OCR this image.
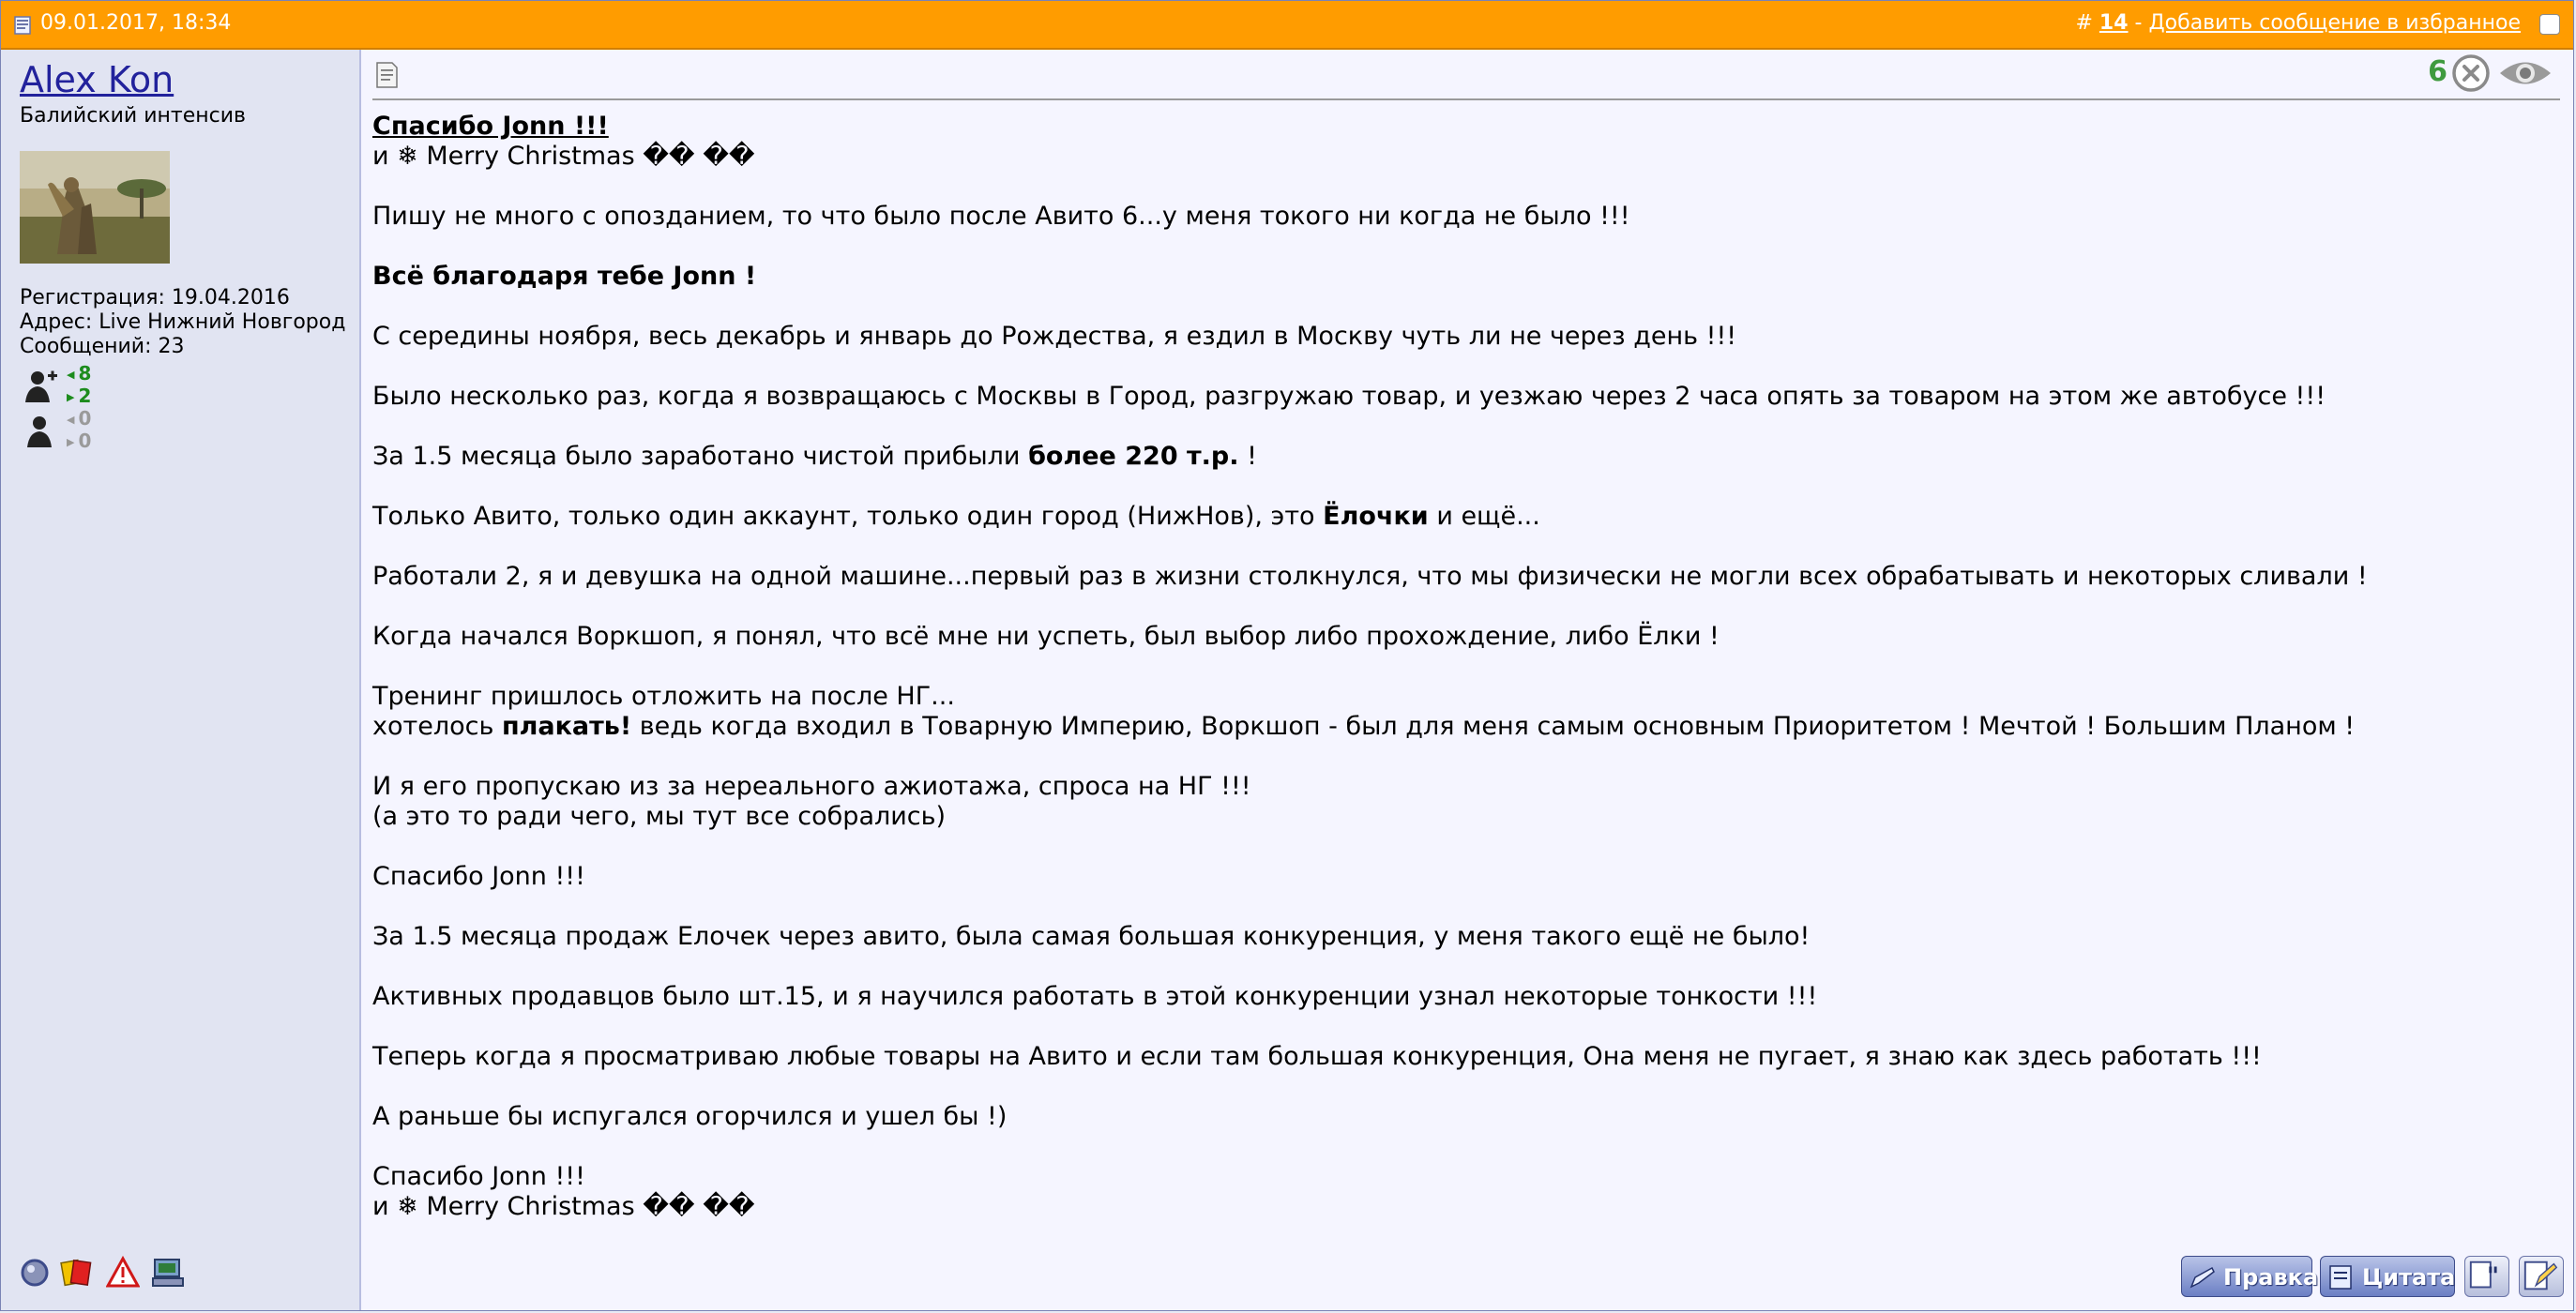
09.01.2017, 18:34	# 14 - Добавить сообщение в избранное
Alex Kon
Балийский интенсив
Регистрация: 19.04.2016
Адрес: Live Нижний Новгород
Сообщений: 23
◀ 8
▶ 2
◀ 0
▶ 0
6
Спасибо Jonn !!!
и ❄ Merry Christmas �� ��
Пишу не много с опозданием, то что было после Авито 6...у меня токого ни когда не было !!!
Всё благодаря тебе Jonn !
С середины ноября, весь декабрь и январь до Рождества, я ездил в Москву чуть ли не через день !!!
Было несколько раз, когда я возвращаюсь с Москвы в Город, разгружаю товар, и уезжаю через 2 часа опять за товаром на этом же автобусе !!!
За 1.5 месяца было заработано чистой прибыли более 220 т.р. !
Только Авито, только один аккаунт, только один город (НижНов), это Ёлочки и ещё...
Работали 2, я и девушка на одной машине...первый раз в жизни столкнулся, что мы физически не могли всех обрабатывать и некоторых сливали !
Когда начался Воркшоп, я понял, что всё мне ни успеть, был выбор либо прохождение, либо Ёлки !
Тренинг пришлось отложить на после НГ...
хотелось плакать! ведь когда входил в Товарную Империю, Воркшоп - был для меня самым основным Приоритетом ! Мечтой ! Большим Планом !
И я его пропускаю из за нереального ажиотажа, спроса на НГ !!!
(а это то ради чего, мы тут все собрались)
Спасибо Jonn !!!
За 1.5 месяца продаж Елочек через авито, была самая большая конкуренция, у меня такого ещё не было!
Активных продавцов было шт.15, и я научился работать в этой конкуренции узнал некоторые тонкости !!!
Теперь когда я просматриваю любые товары на Авито и если там большая конкуренция, Она меня не пугает, я знаю как здесь работать !!!
А раньше бы испугался огорчился и ушел бы !)
Спасибо Jonn !!!
и ❄ Merry Christmas �� ��
Правка Цитата "
